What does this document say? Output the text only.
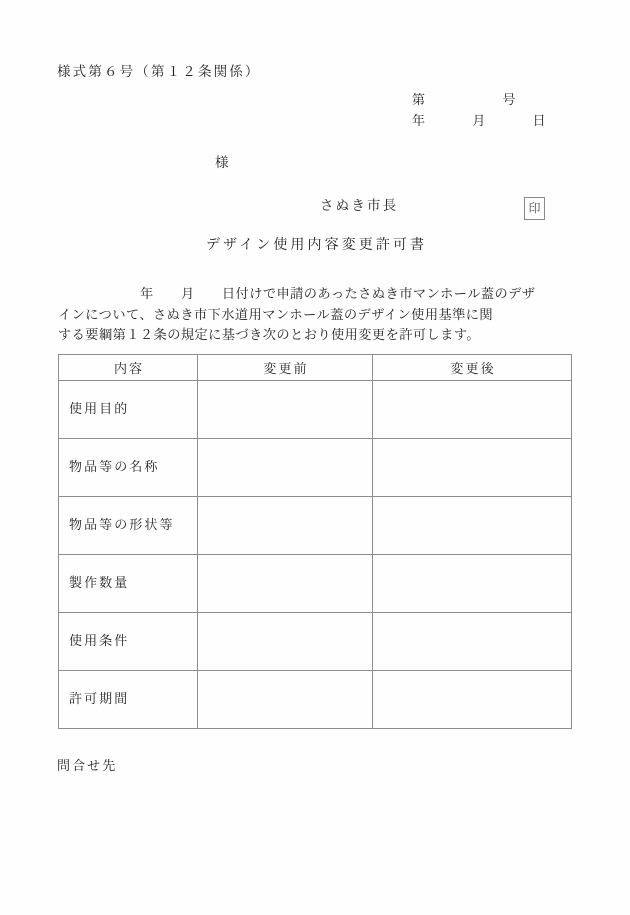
様式第６号（第１２条関係）
第　　　　　号
年　　　月　　　日
様
さぬき市長	印
デザイン使用内容変更許可書
年　　月　　日付けで申請のあったさぬき市マンホール蓋のデザ
インについて、さぬき市下水道用マンホール蓋のデザイン使用基準に関
する要綱第１２条の規定に基づき次のとおり使用変更を許可します。
内容	変更前	変更後
使用目的		
物品等の名称		
物品等の形状等		
製作数量		
使用条件		
許可期間		
問合せ先
